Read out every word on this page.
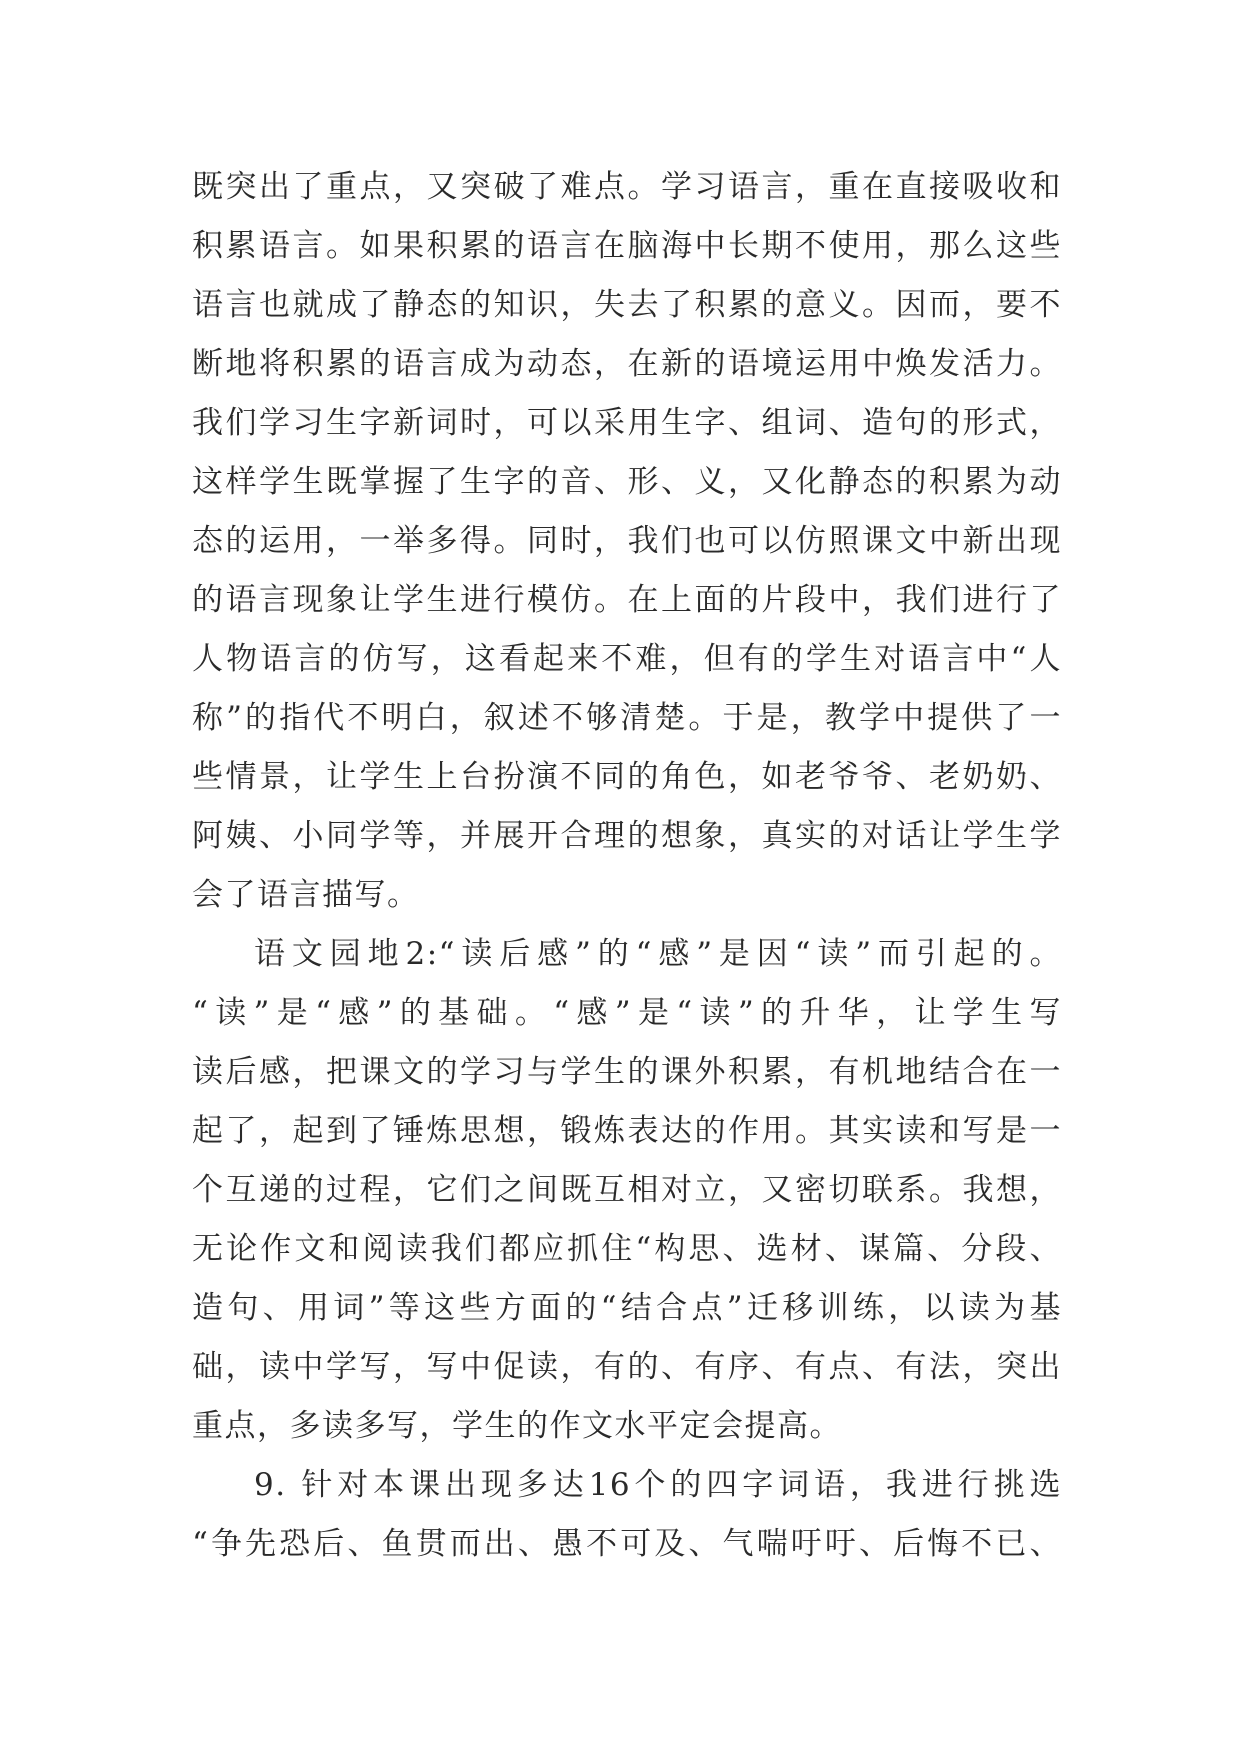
既突出了重点，又突破了难点。学习语言，重在直接吸收和
积累语言。如果积累的语言在脑海中长期不使用，那么这些
语言也就成了静态的知识，失去了积累的意义。因而，要不
断地将积累的语言成为动态，在新的语境运用中焕发活力。
我们学习生字新词时，可以采用生字、组词、造句的形式，
这样学生既掌握了生字的音、形、义，又化静态的积累为动
态的运用，一举多得。同时，我们也可以仿照课文中新出现
的语言现象让学生进行模仿。在上面的片段中，我们进行了
人物语言的仿写，这看起来不难，但有的学生对语言中“人
称”的指代不明白，叙述不够清楚。于是，教学中提供了一
些情景，让学生上台扮演不同的角色，如老爷爷、老奶奶、
阿姨、小同学等，并展开合理的想象，真实的对话让学生学
会了语言描写。
语文园地2:“读后感”的“感”是因“读”而引起的。
“读”是“感”的基础。“感”是“读”的升华，让学生写
读后感，把课文的学习与学生的课外积累，有机地结合在一
起了，起到了锤炼思想，锻炼表达的作用。其实读和写是一
个互递的过程，它们之间既互相对立，又密切联系。我想，
无论作文和阅读我们都应抓住“构思、选材、谋篇、分段、
造句、用词”等这些方面的“结合点”迁移训练，以读为基
础，读中学写，写中促读，有的、有序、有点、有法，突出
重点，多读多写，学生的作文水平定会提高。
9. 针对本课出现多达16个的四字词语，我进行挑选
“争先恐后、鱼贯而出、愚不可及、气喘吁吁、后悔不已、
